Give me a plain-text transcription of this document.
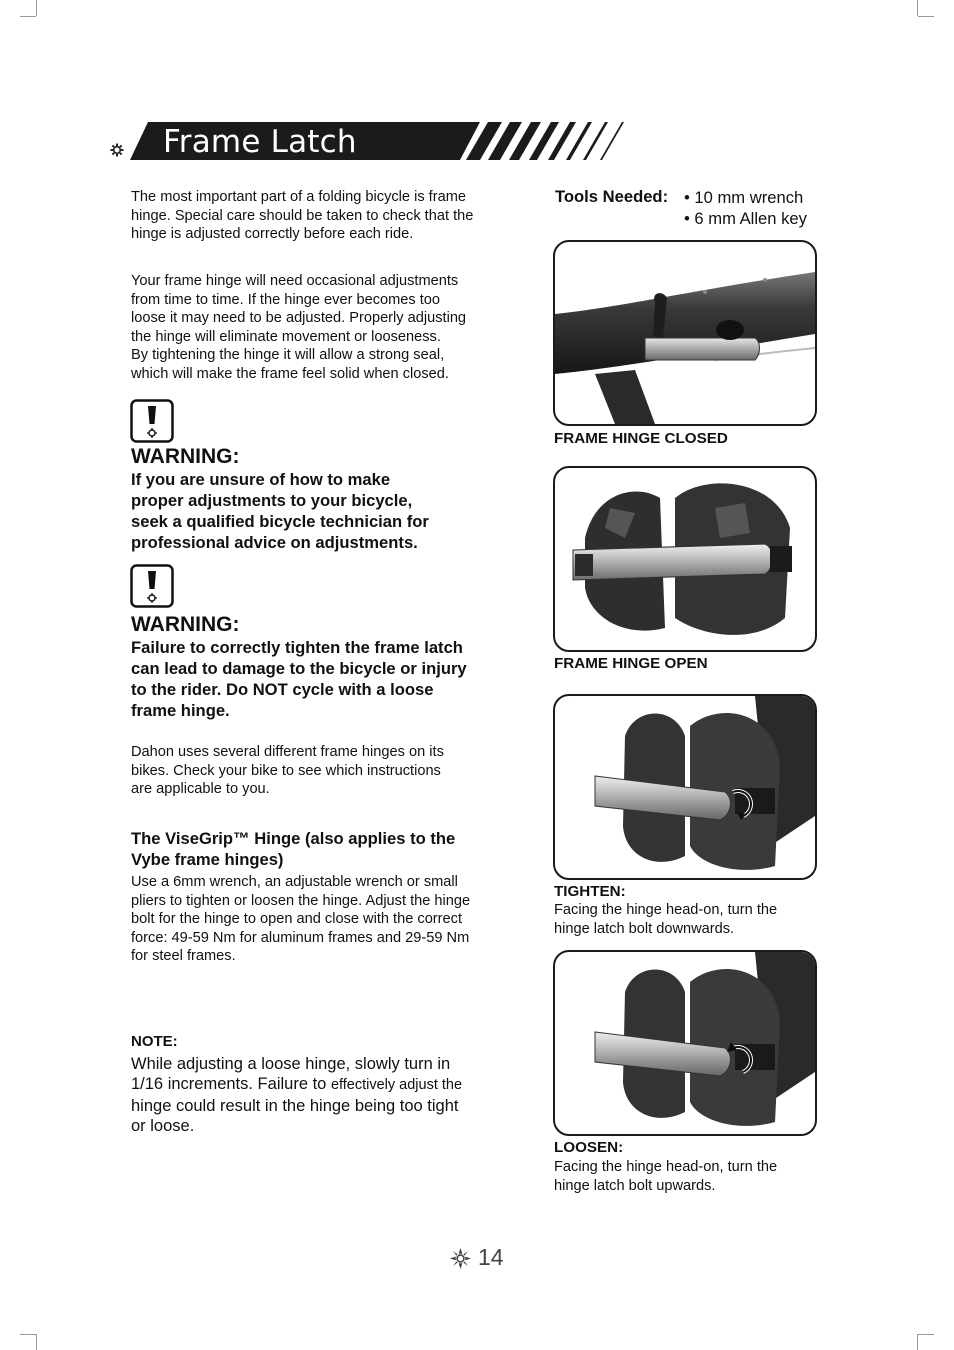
Frame Latch
The most important part of a folding bicycle is frame
hinge. Special care should be taken to check that the
hinge is adjusted correctly before each ride.
Your frame hinge will need occasional adjustments
from time to time. If the hinge ever becomes too
loose it may need to be adjusted. Properly adjusting
the hinge will eliminate movement or looseness.
By tightening the hinge it will allow a strong seal,
which will make the frame feel solid when closed.
WARNING:
If you are unsure of how to make
proper adjustments to your bicycle,
seek a qualified bicycle technician for
professional advice on adjustments.
WARNING:
Failure to correctly tighten the frame latch
can lead to damage to the bicycle or injury
to the rider. Do NOT cycle with a loose
frame hinge.
Dahon uses several different frame hinges on its
bikes. Check your bike to see which instructions
are applicable to you.
The ViseGrip™ Hinge (also applies to the
Vybe frame hinges)
Use a 6mm wrench, an adjustable wrench or small
pliers to tighten or loosen the hinge. Adjust the hinge
bolt for the hinge to open and close with the correct
force: 49-59 Nm for aluminum frames and 29-59 Nm
for steel frames.
NOTE:
While adjusting a loose hinge, slowly turn in
1/16 increments. Failure to effectively adjust the
hinge could result in the hinge being too tight
or loose.
Tools Needed: • 10 mm wrench
• 6 mm Allen key
FRAME HINGE CLOSED
FRAME HINGE OPEN
TIGHTEN:
Facing the hinge head-on, turn the
hinge latch bolt downwards.
LOOSEN:
Facing the hinge head-on, turn the
hinge latch bolt upwards.
14
